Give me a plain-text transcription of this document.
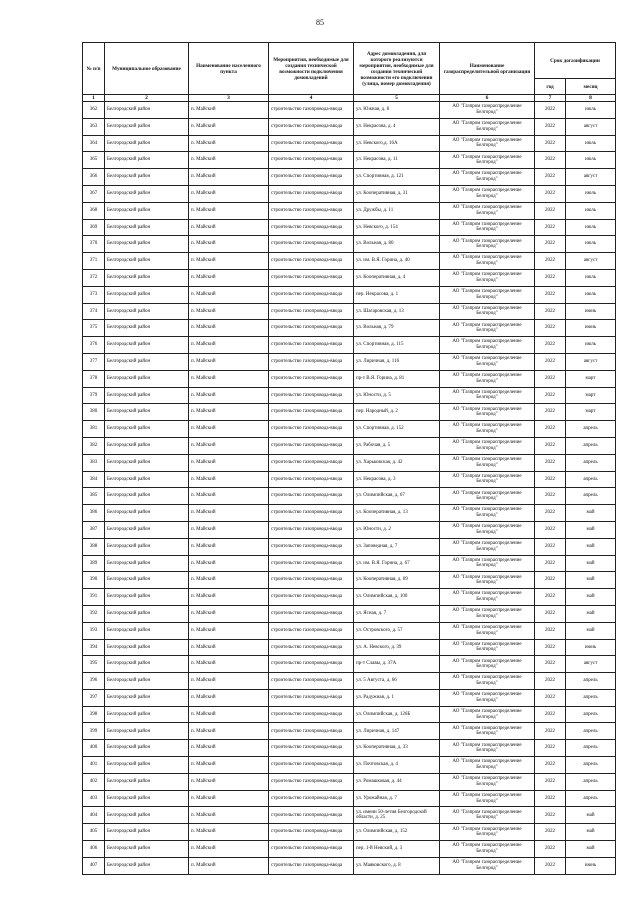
85
№ п/п	Муниципальное образование	Наименование населенного пункта	Мероприятия, необходимые для создания технической возможности подключения домовладений	Адрес домовладения, для которого реализуются мероприятия, необходимые для создания технической возможности его подключения (улица, номер домовладения)	Наименование газораспределительной организации	Срок догазификации	
						год	месяц
1	2	3	4	5	6	7	8
362	Белгородский район	п. Майский	строительство газопровода-ввода	ул. Южная, д. 8	АО "Газпром газораспределение Белгород"	2022	июль
363	Белгородский район	п. Майский	строительство газопровода-ввода	ул. Некрасова, д. 4	АО "Газпром газораспределение Белгород"	2022	август
364	Белгородский район	п. Майский	строительство газопровода-ввода	ул. Невского,д. 16А	АО "Газпром газораспределение Белгород"	2022	июль
365	Белгородский район	п. Майский	строительство газопровода-ввода	ул. Некрасова, д. 11	АО "Газпром газораспределение Белгород"	2022	июль
366	Белгородский район	п. Майский	строительство газопровода-ввода	ул. Спортивная, д. 121	АО "Газпром газораспределение Белгород"	2022	август
367	Белгородский район	п. Майский	строительство газопровода-ввода	ул. Кооперативная, д. 31	АО "Газпром газораспределение Белгород"	2022	июль
368	Белгородский район	п. Майский	строительство газопровода-ввода	ул. Дружбы, д. 11	АО "Газпром газораспределение Белгород"	2022	июль
369	Белгородский район	п. Майский	строительство газопровода-ввода	ул. Невского, д. 154	АО "Газпром газораспределение Белгород"	2022	июль
370	Белгородский район	п. Майский	строительство газопровода-ввода	ул. Вольная, д. 80	АО "Газпром газораспределение Белгород"	2022	июль
371	Белгородский район	п. Майский	строительство газопровода-ввода	ул. им. В.Я. Горина, д. 40	АО "Газпром газораспределение Белгород"	2022	август
372	Белгородский район	п. Майский	строительство газопровода-ввода	ул. Кооперативная, д. 4	АО "Газпром газораспределение Белгород"	2022	июль
373	Белгородский район	п. Майский	строительство газопровода-ввода	пер. Некрасова, д. 1	АО "Газпром газораспределение Белгород"	2022	июль
374	Белгородский район	п. Майский	строительство газопровода-ввода	ул. Шагаровская, д. 13	АО "Газпром газораспределение Белгород"	2022	июнь
375	Белгородский район	п. Майский	строительство газопровода-ввода	ул. Вольная, д. 79	АО "Газпром газораспределение Белгород"	2022	июнь
376	Белгородский район	п. Майский	строительство газопровода-ввода	ул. Спортивная, д. 115	АО "Газпром газораспределение Белгород"	2022	июль
377	Белгородский район	п. Майский	строительство газопровода-ввода	ул. Лиричная, д. 116	АО "Газпром газораспределение Белгород"	2022	август
378	Белгородский район	п. Майский	строительство газопровода-ввода	пр-т В.Я. Горина, д. 81	АО "Газпром газораспределение Белгород"	2022	март
379	Белгородский район	п. Майский	строительство газопровода-ввода	ул. Юности, д. 5	АО "Газпром газораспределение Белгород"	2022	март
380	Белгородский район	п. Майский	строительство газопровода-ввода	пер. Народный, д. 2	АО "Газпром газораспределение Белгород"	2022	март
381	Белгородский район	п. Майский	строительство газопровода-ввода	ул. Спортивная, д. 152	АО "Газпром газораспределение Белгород"	2022	апрель
382	Белгородский район	п. Майский	строительство газопровода-ввода	ул. Рабочая, д. 5	АО "Газпром газораспределение Белгород"	2022	апрель
383	Белгородский район	п. Майский	строительство газопровода-ввода	ул. Харьковская, д. 42	АО "Газпром газораспределение Белгород"	2022	апрель
384	Белгородский район	п. Майский	строительство газопровода-ввода	ул. Некрасова, д. 3	АО "Газпром газораспределение Белгород"	2022	апрель
385	Белгородский район	п. Майский	строительство газопровода-ввода	ул. Олимпийская, д. 67	АО "Газпром газораспределение Белгород"	2022	апрель
386	Белгородский район	п. Майский	строительство газопровода-ввода	ул. Кооперативная, д. 13	АО "Газпром газораспределение Белгород"	2022	май
387	Белгородский район	п. Майский	строительство газопровода-ввода	ул. Юности, д. 2	АО "Газпром газораспределение Белгород"	2022	май
388	Белгородский район	п. Майский	строительство газопровода-ввода	ул. Заповедная, д. 7	АО "Газпром газораспределение Белгород"	2022	май
389	Белгородский район	п. Майский	строительство газопровода-ввода	ул. им. В.Я. Горина, д. 67	АО "Газпром газораспределение Белгород"	2022	май
390	Белгородский район	п. Майский	строительство газопровода-ввода	ул. Кооперативная, д. 69	АО "Газпром газораспределение Белгород"	2022	май
391	Белгородский район	п. Майский	строительство газопровода-ввода	ул. Олимпийская, д. 100	АО "Газпром газораспределение Белгород"	2022	май
392	Белгородский район	п. Майский	строительство газопровода-ввода	ул. Ясная, д. 7	АО "Газпром газораспределение Белгород"	2022	май
393	Белгородский район	п. Майский	строительство газопровода-ввода	ул. Островского, д. 57	АО "Газпром газораспределение Белгород"	2022	май
394	Белгородский район	п. Майский	строительство газопровода-ввода	ул. А. Невского, д. 39	АО "Газпром газораспределение Белгород"	2022	июнь
395	Белгородский район	п. Майский	строительство газопровода-ввода	пр-т Славы, д. 37А	АО "Газпром газораспределение Белгород"	2022	август
396	Белгородский район	п. Майский	строительство газопровода-ввода	ул. 5 Августа, д. 66	АО "Газпром газораспределение Белгород"	2022	апрель
397	Белгородский район	п. Майский	строительство газопровода-ввода	ул. Радужная, д. 1	АО "Газпром газораспределение Белгород"	2022	апрель
398	Белгородский район	п. Майский	строительство газопровода-ввода	ул. Олимпийская, д. 126Б	АО "Газпром газораспределение Белгород"	2022	апрель
399	Белгородский район	п. Майский	строительство газопровода-ввода	ул. Лиричная, д. 147	АО "Газпром газораспределение Белгород"	2022	апрель
400	Белгородский район	п. Майский	строительство газопровода-ввода	ул. Кооперативная, д. 33	АО "Газпром газораспределение Белгород"	2022	апрель
401	Белгородский район	п. Майский	строительство газопровода-ввода	ул. Почтовская, д. 4	АО "Газпром газораспределение Белгород"	2022	апрель
402	Белгородский район	п. Майский	строительство газопровода-ввода	ул. Ромашковая, д. 44	АО "Газпром газораспределение Белгород"	2022	апрель
403	Белгородский район	п. Майский	строительство газопровода-ввода	ул. Урожайная, д. 7	АО "Газпром газораспределение Белгород"	2022	апрель
404	Белгородский район	п. Майский	строительство газопровода-ввода	ул. имени 50-летия Белгородской области, д. 25	АО "Газпром газораспределение Белгород"	2022	май
405	Белгородский район	п. Майский	строительство газопровода-ввода	ул. Олимпийская, д. 152	АО "Газпром газораспределение Белгород"	2022	май
406	Белгородский район	п. Майский	строительство газопровода-ввода	пер. 1-й Невский, д. 3	АО "Газпром газораспределение Белгород"	2022	май
407	Белгородский район	п. Майский	строительство газопровода-ввода	ул. Маяковского, д. 8	АО "Газпром газораспределение Белгород"	2022	июнь
